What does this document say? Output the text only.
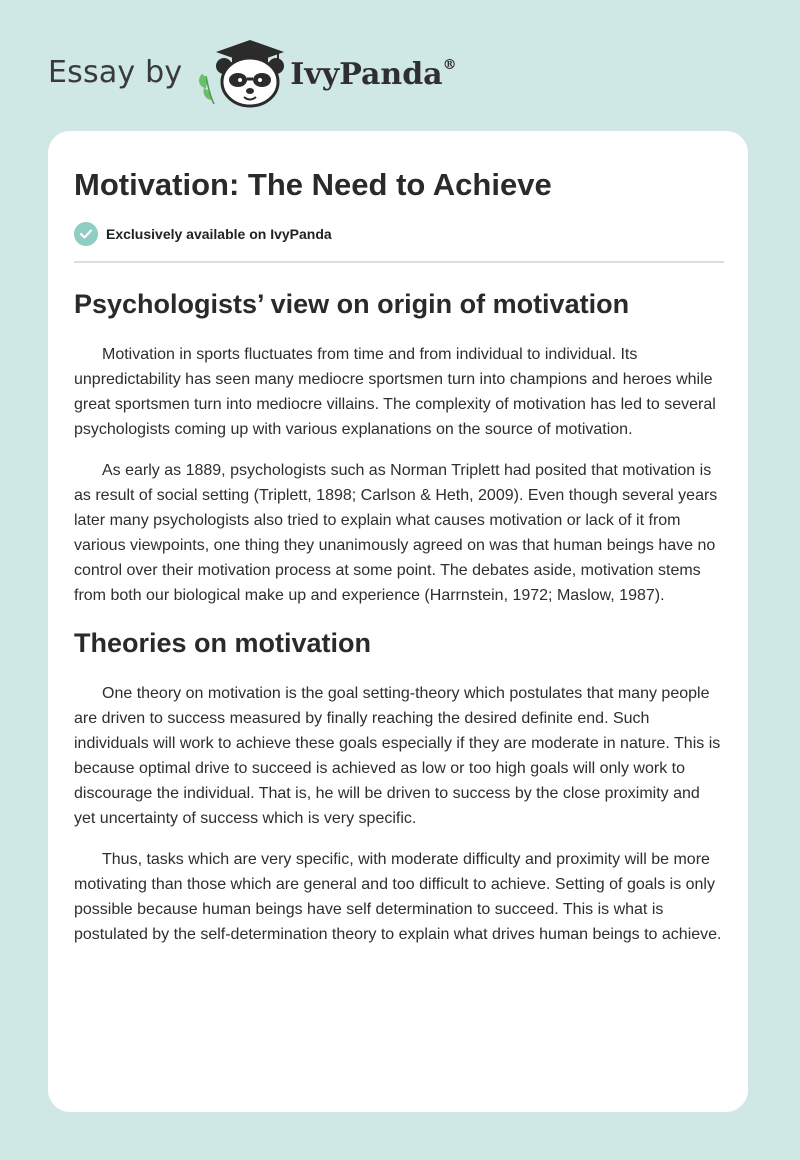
Essay by	IvyPanda®
Motivation: The Need to Achieve
Exclusively available on IvyPanda
Psychologists’ view on origin of motivation

Motivation in sports fluctuates from time and from individual to individual. Its unpredictability has seen many mediocre sportsmen turn into champions and heroes while great sportsmen turn into mediocre villains. The complexity of motivation has led to several psychologists coming up with various explanations on the source of motivation.

As early as 1889, psychologists such as Norman Triplett had posited that motivation is as result of social setting (Triplett, 1898; Carlson & Heth, 2009). Even though several years later many psychologists also tried to explain what causes motivation or lack of it from various viewpoints, one thing they unanimously agreed on was that human beings have no control over their motivation process at some point. The debates aside, motivation stems from both our biological make up and experience (Harrnstein, 1972; Maslow, 1987).

Theories on motivation

One theory on motivation is the goal setting-theory which postulates that many people are driven to success measured by finally reaching the desired definite end. Such individuals will work to achieve these goals especially if they are moderate in nature. This is because optimal drive to succeed is achieved as low or too high goals will only work to discourage the individual. That is, he will be driven to success by the close proximity and yet uncertainty of success which is very specific.

Thus, tasks which are very specific, with moderate difficulty and proximity will be more motivating than those which are general and too difficult to achieve. Setting of goals is only possible because human beings have self determination to succeed. This is what is postulated by the self-determination theory to explain what drives human beings to achieve.
